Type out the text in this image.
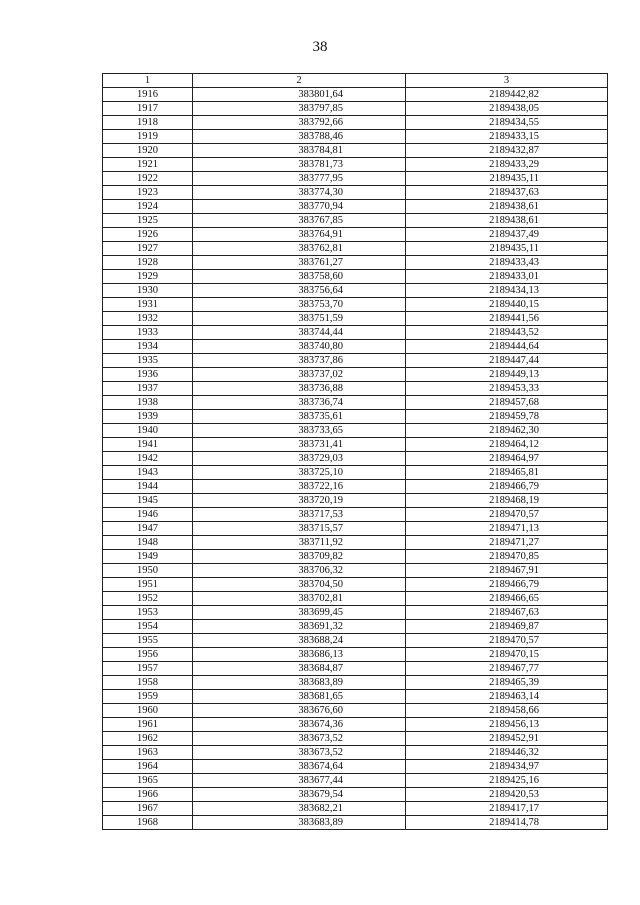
38
1	2	3
1916	383801,64	2189442,82
1917	383797,85	2189438,05
1918	383792,66	2189434,55
1919	383788,46	2189433,15
1920	383784,81	2189432,87
1921	383781,73	2189433,29
1922	383777,95	2189435,11
1923	383774,30	2189437,63
1924	383770,94	2189438,61
1925	383767,85	2189438,61
1926	383764,91	2189437,49
1927	383762,81	2189435,11
1928	383761,27	2189433,43
1929	383758,60	2189433,01
1930	383756,64	2189434,13
1931	383753,70	2189440,15
1932	383751,59	2189441,56
1933	383744,44	2189443,52
1934	383740,80	2189444,64
1935	383737,86	2189447,44
1936	383737,02	2189449,13
1937	383736,88	2189453,33
1938	383736,74	2189457,68
1939	383735,61	2189459,78
1940	383733,65	2189462,30
1941	383731,41	2189464,12
1942	383729,03	2189464,97
1943	383725,10	2189465,81
1944	383722,16	2189466,79
1945	383720,19	2189468,19
1946	383717,53	2189470,57
1947	383715,57	2189471,13
1948	383711,92	2189471,27
1949	383709,82	2189470,85
1950	383706,32	2189467,91
1951	383704,50	2189466,79
1952	383702,81	2189466,65
1953	383699,45	2189467,63
1954	383691,32	2189469,87
1955	383688,24	2189470,57
1956	383686,13	2189470,15
1957	383684,87	2189467,77
1958	383683,89	2189465,39
1959	383681,65	2189463,14
1960	383676,60	2189458,66
1961	383674,36	2189456,13
1962	383673,52	2189452,91
1963	383673,52	2189446,32
1964	383674,64	2189434,97
1965	383677,44	2189425,16
1966	383679,54	2189420,53
1967	383682,21	2189417,17
1968	383683,89	2189414,78
